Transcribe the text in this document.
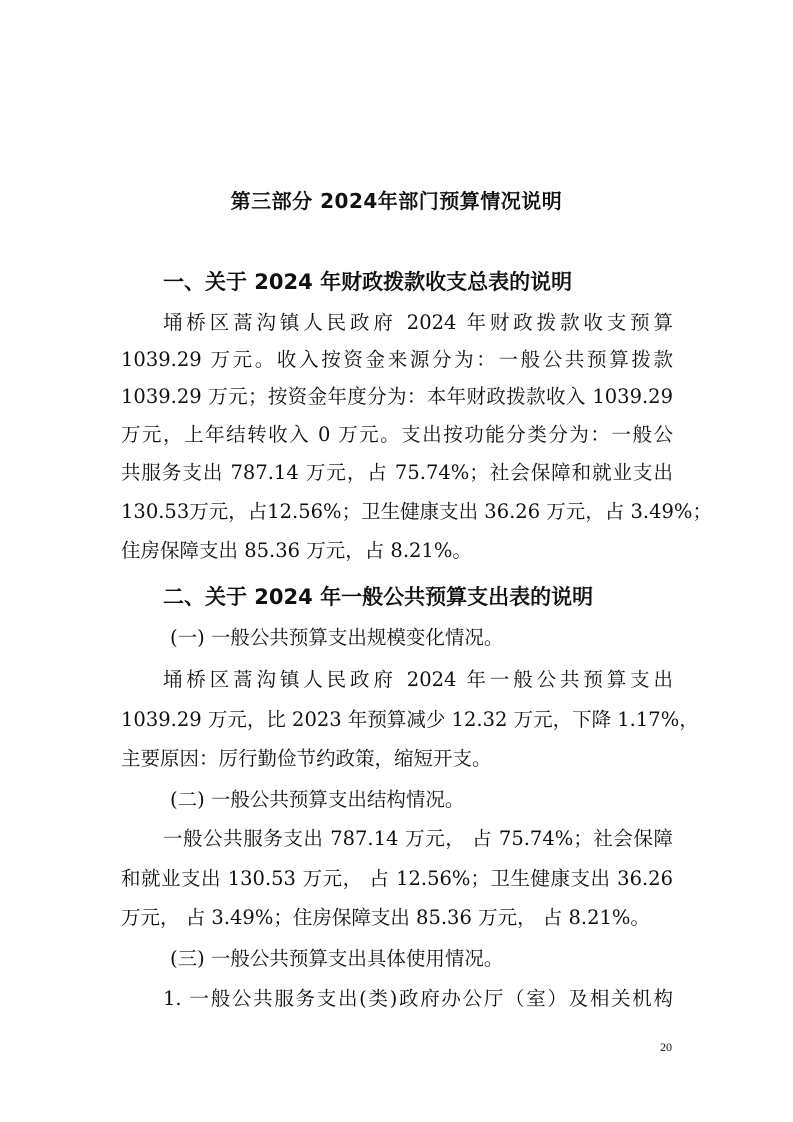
第三部分 2024年部门预算情况说明
一、关于 2024 年财政拨款收支总表的说明
埇桥区蒿沟镇人民政府 2024 年财政拨款收支预算
1039.29 万元。收入按资金来源分为：一般公共预算拨款
1039.29 万元；按资金年度分为：本年财政拨款收入 1039.29
万元，上年结转收入 0 万元。支出按功能分类分为：一般公
共服务支出 787.14 万元，占 75.74%；社会保障和就业支出
130.53万元，占12.56%；卫生健康支出 36.26 万元，占 3.49%；
住房保障支出 85.36 万元，占 8.21%。
二、关于 2024 年一般公共预算支出表的说明
(一) 一般公共预算支出规模变化情况。
埇桥区蒿沟镇人民政府 2024 年一般公共预算支出
1039.29 万元，比 2023 年预算减少 12.32 万元，下降 1.17%，
主要原因：厉行勤俭节约政策，缩短开支。
(二) 一般公共预算支出结构情况。
一般公共服务支出 787.14 万元， 占 75.74%；社会保障
和就业支出 130.53 万元， 占 12.56%；卫生健康支出 36.26
万元， 占 3.49%；住房保障支出 85.36 万元， 占 8.21%。
(三) 一般公共预算支出具体使用情况。
1. 一般公共服务支出(类)政府办公厅（室）及相关机构
20
